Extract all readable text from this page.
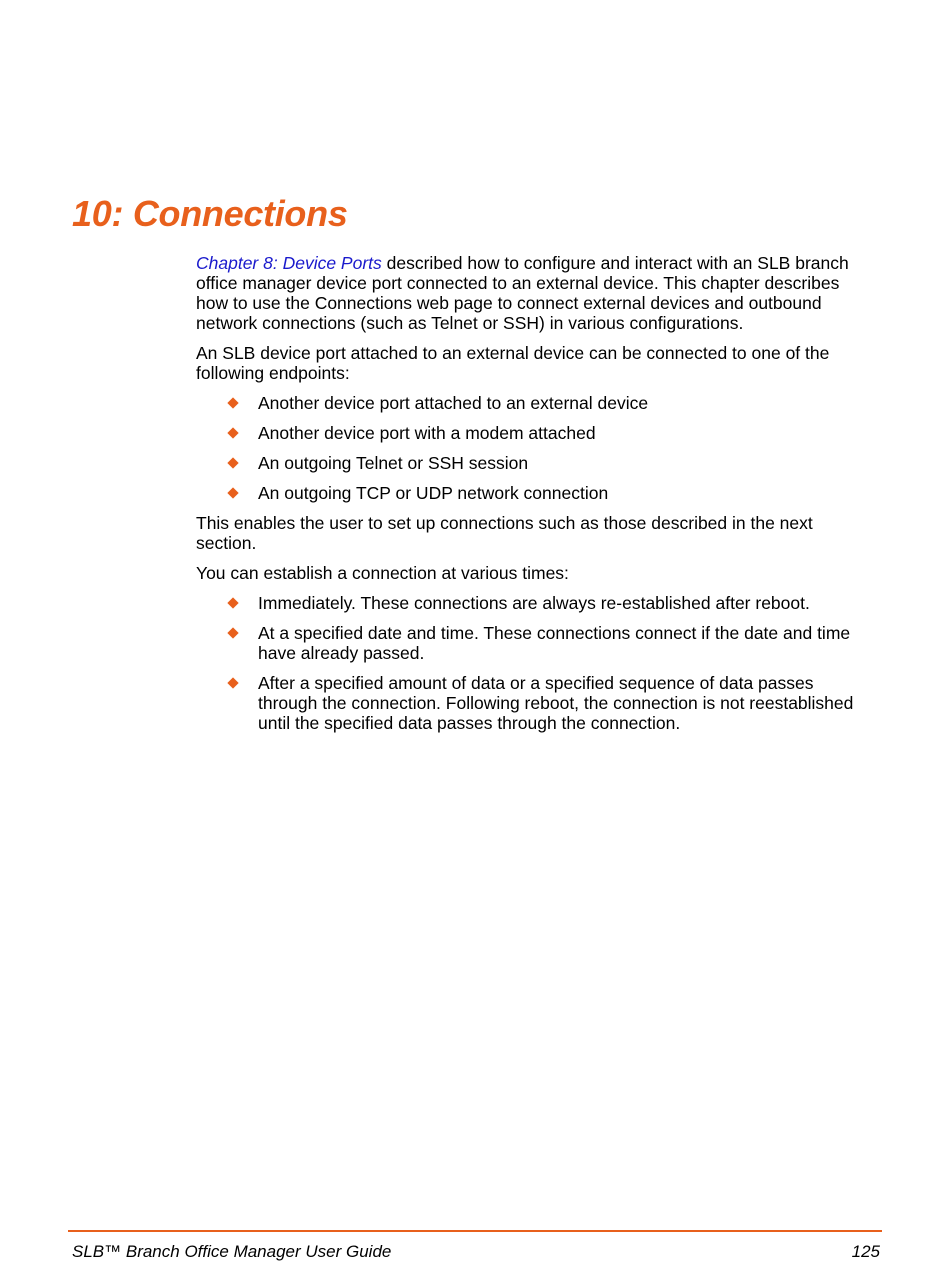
10: Connections

Chapter 8: Device Ports described how to configure and interact with an SLB branch office manager device port connected to an external device. This chapter describes how to use the Connections web page to connect external devices and outbound network connections (such as Telnet or SSH) in various configurations.

An SLB device port attached to an external device can be connected to one of the following endpoints:

Another device port attached to an external device
Another device port with a modem attached
An outgoing Telnet or SSH session
An outgoing TCP or UDP network connection

This enables the user to set up connections such as those described in the next section.

You can establish a connection at various times:

Immediately. These connections are always re-established after reboot.
At a specified date and time. These connections connect if the date and time have already passed.
After a specified amount of data or a specified sequence of data passes through the connection. Following reboot, the connection is not reestablished until the specified data passes through the connection.
SLB™ Branch Office Manager User Guide	125
